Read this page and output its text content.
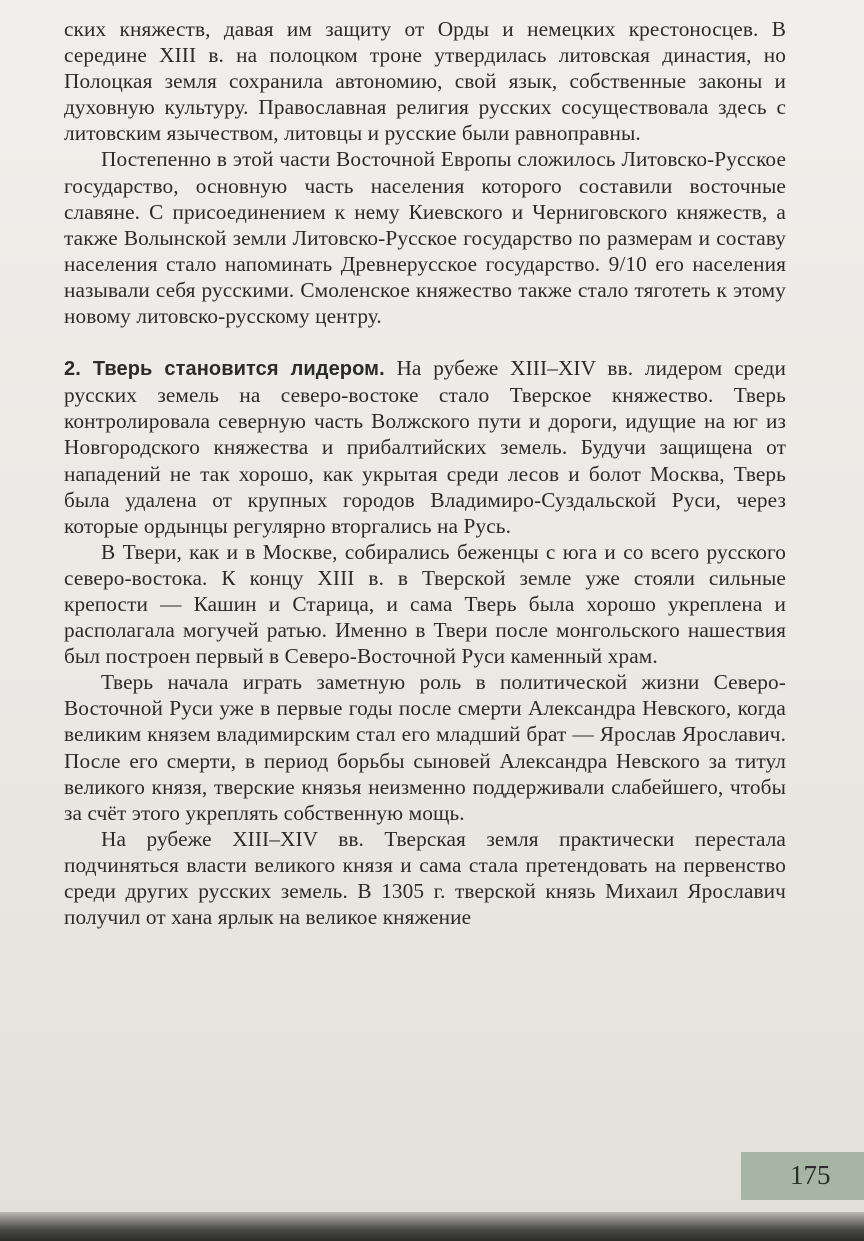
ских княжеств, давая им защиту от Орды и немецких крестоносцев. В середине XIII в. на полоцком троне утвердилась литовская династия, но Полоцкая земля сохранила автономию, свой язык, собственные законы и духовную культуру. Православная религия русских сосуществовала здесь с литовским язычеством, литовцы и русские были равноправны.

Постепенно в этой части Восточной Европы сложилось Литовско-Русское государство, основную часть населения которого составили восточные славяне. С присоединением к нему Киевского и Черниговского княжеств, а также Волынской земли Литовско-Русское государство по размерам и составу населения стало напоминать Древнерусское государство. 9/10 его населения называли себя русскими. Смоленское княжество также стало тяготеть к этому новому литовско-русскому центру.

2. Тверь становится лидером. На рубеже XIII–XIV вв. лидером среди русских земель на северо-востоке стало Тверское княжество. Тверь контролировала северную часть Волжского пути и дороги, идущие на юг из Новгородского княжества и прибалтийских земель. Будучи защищена от нападений не так хорошо, как укрытая среди лесов и болот Москва, Тверь была удалена от крупных городов Владимиро-Суздальской Руси, через которые ордынцы регулярно вторгались на Русь.

В Твери, как и в Москве, собирались беженцы с юга и со всего русского северо-востока. К концу XIII в. в Тверской земле уже стояли сильные крепости — Кашин и Старица, и сама Тверь была хорошо укреплена и располагала могучей ратью. Именно в Твери после монгольского нашествия был построен первый в Северо-Восточной Руси каменный храм.

Тверь начала играть заметную роль в политической жизни Северо-Восточной Руси уже в первые годы после смерти Александра Невского, когда великим князем владимирским стал его младший брат — Ярослав Ярославич. После его смерти, в период борьбы сыновей Александра Невского за титул великого князя, тверские князья неизменно поддерживали слабейшего, чтобы за счёт этого укреплять собственную мощь.

На рубеже XIII–XIV вв. Тверская земля практически перестала подчиняться власти великого князя и сама стала претендовать на первенство среди других русских земель. В 1305 г. тверской князь Михаил Ярославич получил от хана ярлык на великое княжение

175
